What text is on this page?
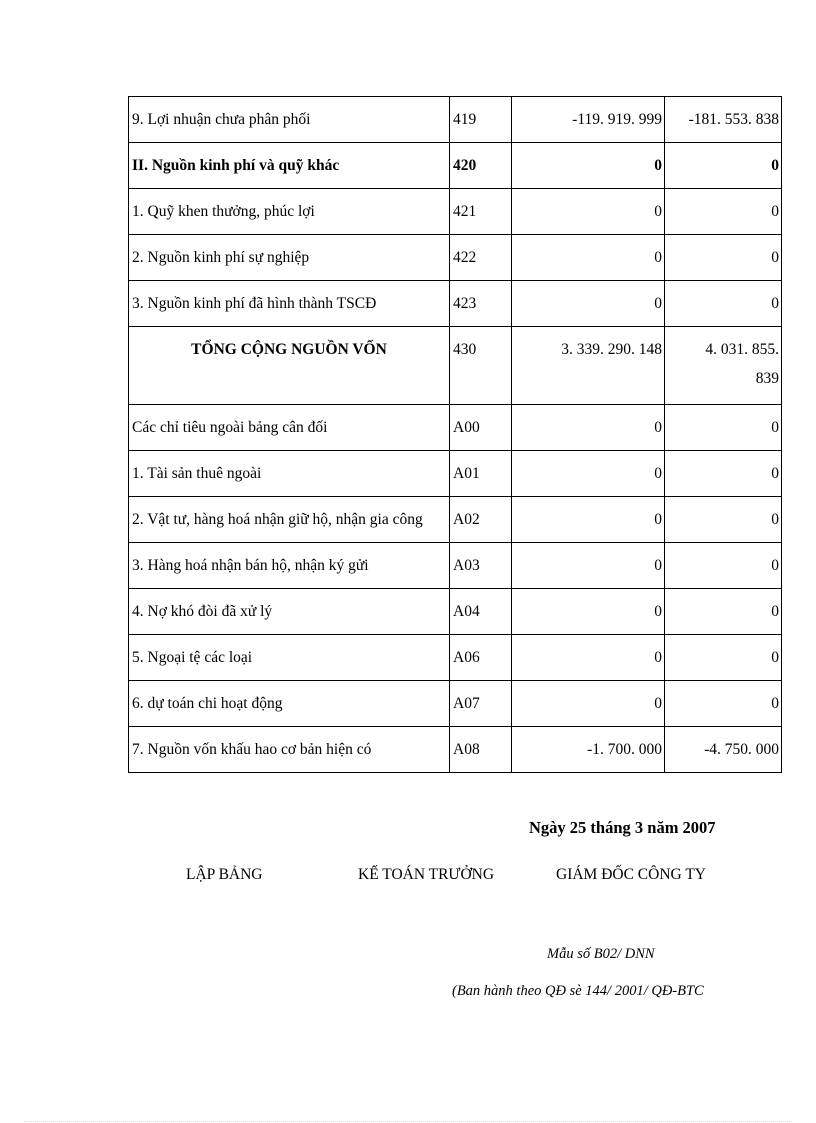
9. Lợi nhuận chưa phân phối	419	-119. 919. 999	-181. 553. 838
II. Nguồn kinh phí và quỹ khác	420	0	0
1. Quỹ khen thưởng, phúc lợi	421	0	0
2. Nguồn kinh phí sự nghiệp	422	0	0
3. Nguồn kinh phí đã hình thành TSCĐ	423	0	0
TỔNG CỘNG NGUỒN VỐN	430	3. 339. 290. 148	4. 031. 855. 839
Các chỉ tiêu ngoài bảng cân đối	A00	0	0
1. Tài sản thuê ngoài	A01	0	0
2. Vật tư, hàng hoá nhận giữ hộ, nhận gia công	A02	0	0
3. Hàng hoá nhận bán hộ, nhận ký gửi	A03	0	0
4. Nợ khó đòi đã xử lý	A04	0	0
5. Ngoại tệ các loại	A06	0	0
6. dự toán chi hoạt động	A07	0	0
7. Nguồn vốn khấu hao cơ bản hiện có	A08	-1. 700. 000	-4. 750. 000
Ngày 25 tháng 3 năm 2007
LẬP BẢNG	KẾ TOÁN TRƯỞNG	GIÁM ĐỐC CÔNG TY
Mẫu số B02/ DNN
(Ban hành theo QĐ sè 144/ 2001/ QĐ-BTC
